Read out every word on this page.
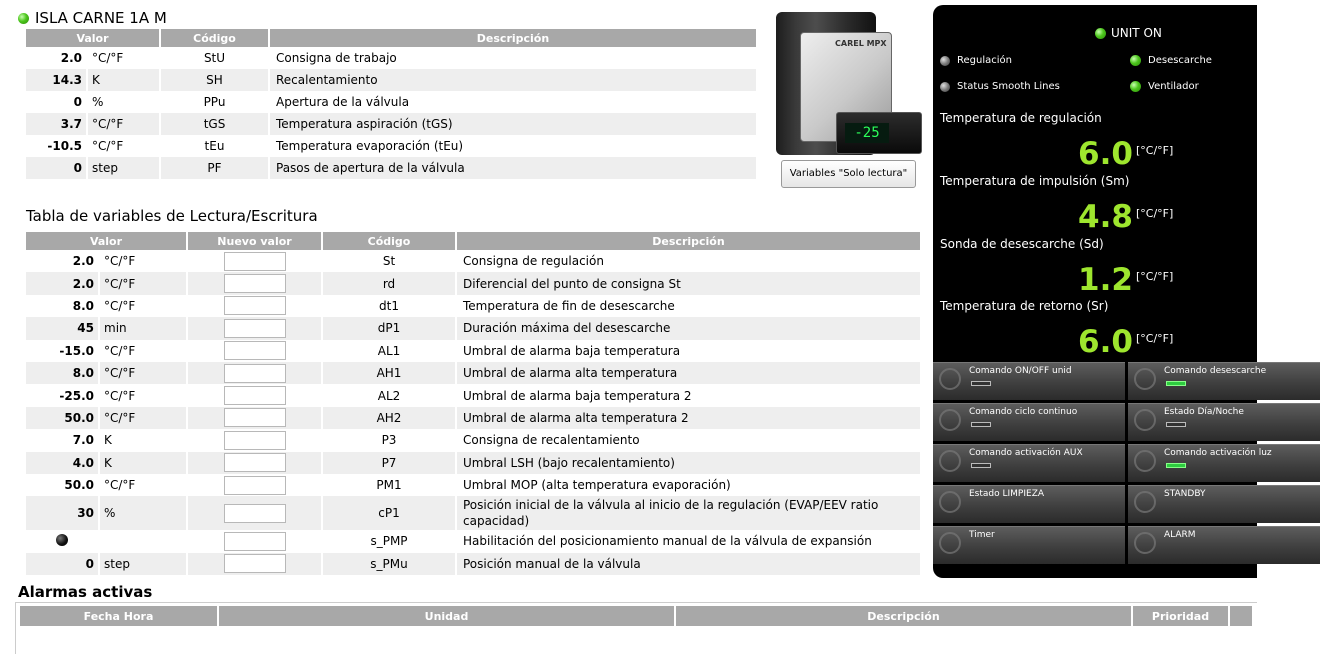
ISLA CARNE 1A M
Valor		Código	Descripción
2.0	°C/°F	StU	Consigna de trabajo
14.3	K	SH	Recalentamiento
0	%	PPu	Apertura de la válvula
3.7	°C/°F	tGS	Temperatura aspiración (tGS)
-10.5	°C/°F	tEu	Temperatura evaporación (tEu)
0	step	PF	Pasos de apertura de la válvula
CAREL MPX
-25
Variables "Solo lectura"
Tabla de variables de Lectura/Escritura
Valor		Nuevo valor	Código	Descripción
2.0	°C/°F		St	Consigna de regulación
2.0	°C/°F		rd	Diferencial del punto de consigna St
8.0	°C/°F		dt1	Temperatura de fin de desescarche
45	min		dP1	Duración máxima del desescarche
-15.0	°C/°F		AL1	Umbral de alarma baja temperatura
8.0	°C/°F		AH1	Umbral de alarma alta temperatura
-25.0	°C/°F		AL2	Umbral de alarma baja temperatura 2
50.0	°C/°F		AH2	Umbral de alarma alta temperatura 2
7.0	K		P3	Consigna de recalentamiento
4.0	K		P7	Umbral LSH (bajo recalentamiento)
50.0	°C/°F		PM1	Umbral MOP (alta temperatura evaporación)
30	%		cP1	Posición inicial de la válvula al inicio de la regulación (EVAP/EEV ratio capacidad)
			s_PMP	Habilitación del posicionamiento manual de la válvula de expansión
0	step		s_PMu	Posición manual de la válvula
UNIT ON
Regulación	Desescarche
Status Smooth Lines	Ventilador
Temperatura de regulación
6.0 [°C/°F]
Temperatura de impulsión (Sm)
4.8 [°C/°F]
Sonda de desescarche (Sd)
1.2 [°C/°F]
Temperatura de retorno (Sr)
6.0 [°C/°F]
Comando ON/OFF unid	Comando desescarche
Comando ciclo continuo	Estado Día/Noche
Comando activación AUX	Comando activación luz
Estado LIMPIEZA	STANDBY
Timer	ALARM
Alarmas activas
Fecha Hora	Unidad	Descripción	Prioridad	
